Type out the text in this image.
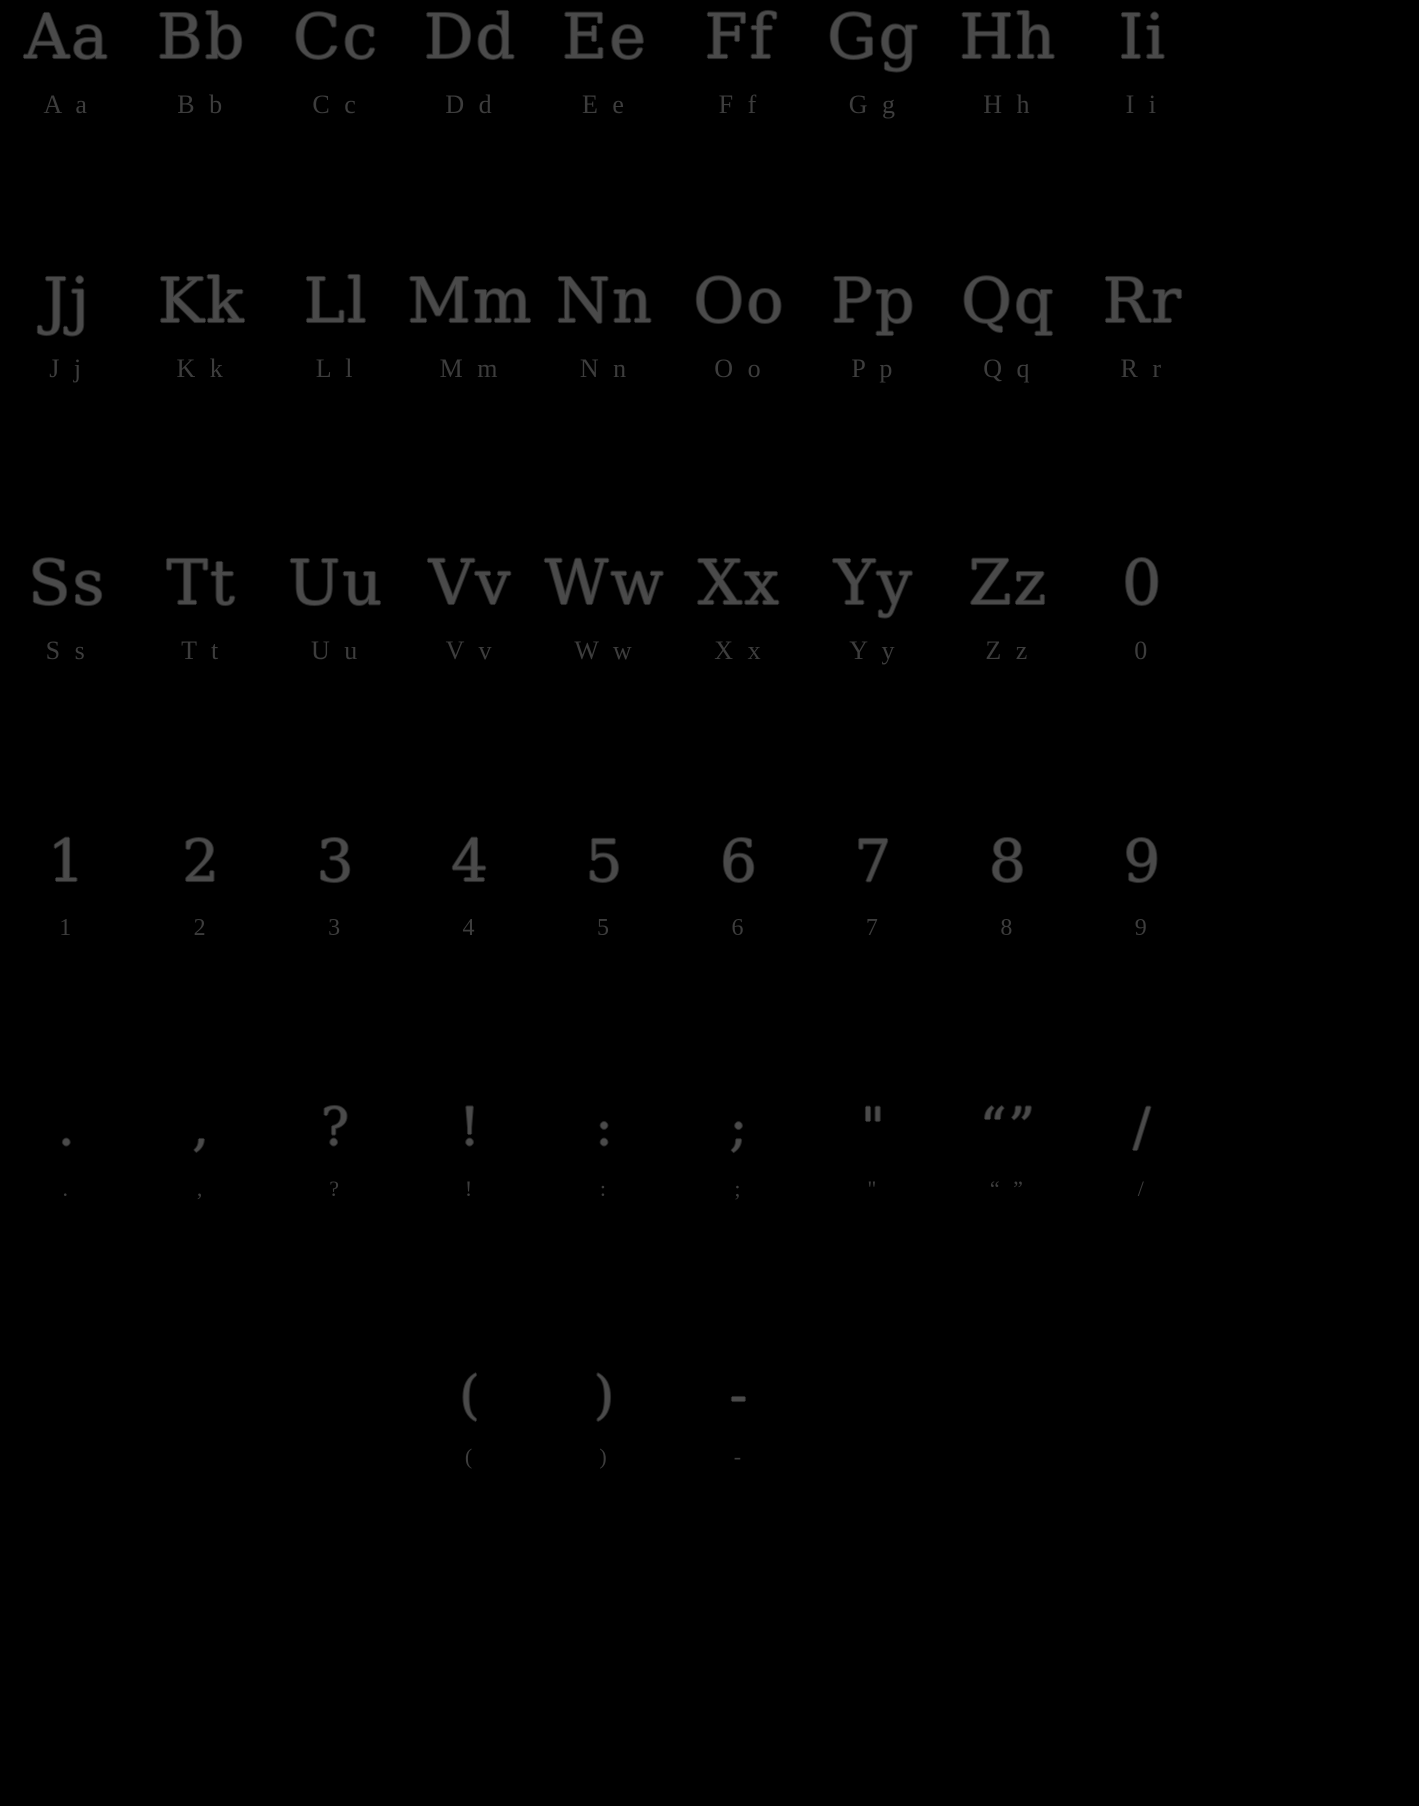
Aa
A a
Bb
B b
Cc
C c
Dd
D d
Ee
E e
Ff
F f
Gg
G g
Hh
H h
Ii
I i
Jj
J j
Kk
K k
Ll
L l
Mm
M m
Nn
N n
Oo
O o
Pp
P p
Qq
Q q
Rr
R r
Ss
S s
Tt
T t
Uu
U u
Vv
V v
Ww
W w
Xx
X x
Yy
Y y
Zz
Z z
0
0
1
1
2
2
3
3
4
4
5
5
6
6
7
7
8
8
9
9
.
.
,
,
?
?
!
!
:
:
;
;
"
"
“”
“ ”
/
/
(
(
)
)
-
-
